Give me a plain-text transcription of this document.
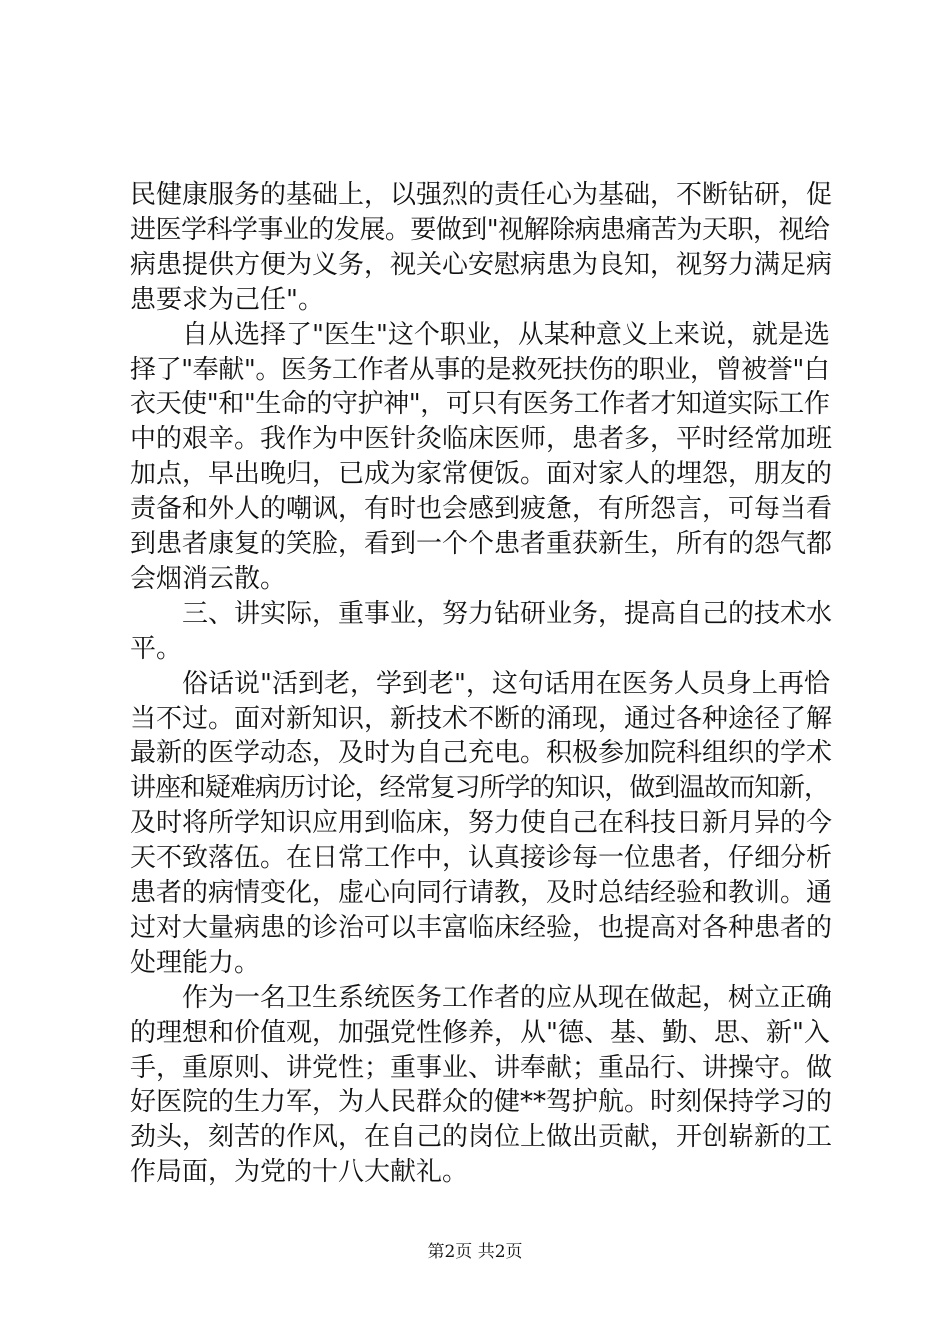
民健康服务的基础上，以强烈的责任心为基础，不断钻研，促
进医学科学事业的发展。要做到"视解除病患痛苦为天职，视给
病患提供方便为义务，视关心安慰病患为良知，视努力满足病
患要求为己任"。
　　自从选择了"医生"这个职业，从某种意义上来说，就是选
择了"奉献"。医务工作者从事的是救死扶伤的职业，曾被誉"白
衣天使"和"生命的守护神"，可只有医务工作者才知道实际工作
中的艰辛。我作为中医针灸临床医师，患者多，平时经常加班
加点，早出晚归，已成为家常便饭。面对家人的埋怨，朋友的
责备和外人的嘲讽，有时也会感到疲惫，有所怨言，可每当看
到患者康复的笑脸，看到一个个患者重获新生，所有的怨气都
会烟消云散。
　　三、讲实际，重事业，努力钻研业务，提高自己的技术水
平。
　　俗话说"活到老，学到老"，这句话用在医务人员身上再恰
当不过。面对新知识，新技术不断的涌现，通过各种途径了解
最新的医学动态，及时为自己充电。积极参加院科组织的学术
讲座和疑难病历讨论，经常复习所学的知识，做到温故而知新，
及时将所学知识应用到临床，努力使自己在科技日新月异的今
天不致落伍。在日常工作中，认真接诊每一位患者，仔细分析
患者的病情变化，虚心向同行请教，及时总结经验和教训。通
过对大量病患的诊治可以丰富临床经验，也提高对各种患者的
处理能力。
　　作为一名卫生系统医务工作者的应从现在做起，树立正确
的理想和价值观，加强党性修养，从"德、基、勤、思、新"入
手，重原则、讲党性；重事业、讲奉献；重品行、讲操守。做
好医院的生力军，为人民群众的健**驾护航。时刻保持学习的
劲头，刻苦的作风，在自己的岗位上做出贡献，开创崭新的工
作局面，为党的十八大献礼。
第2页 共2页
